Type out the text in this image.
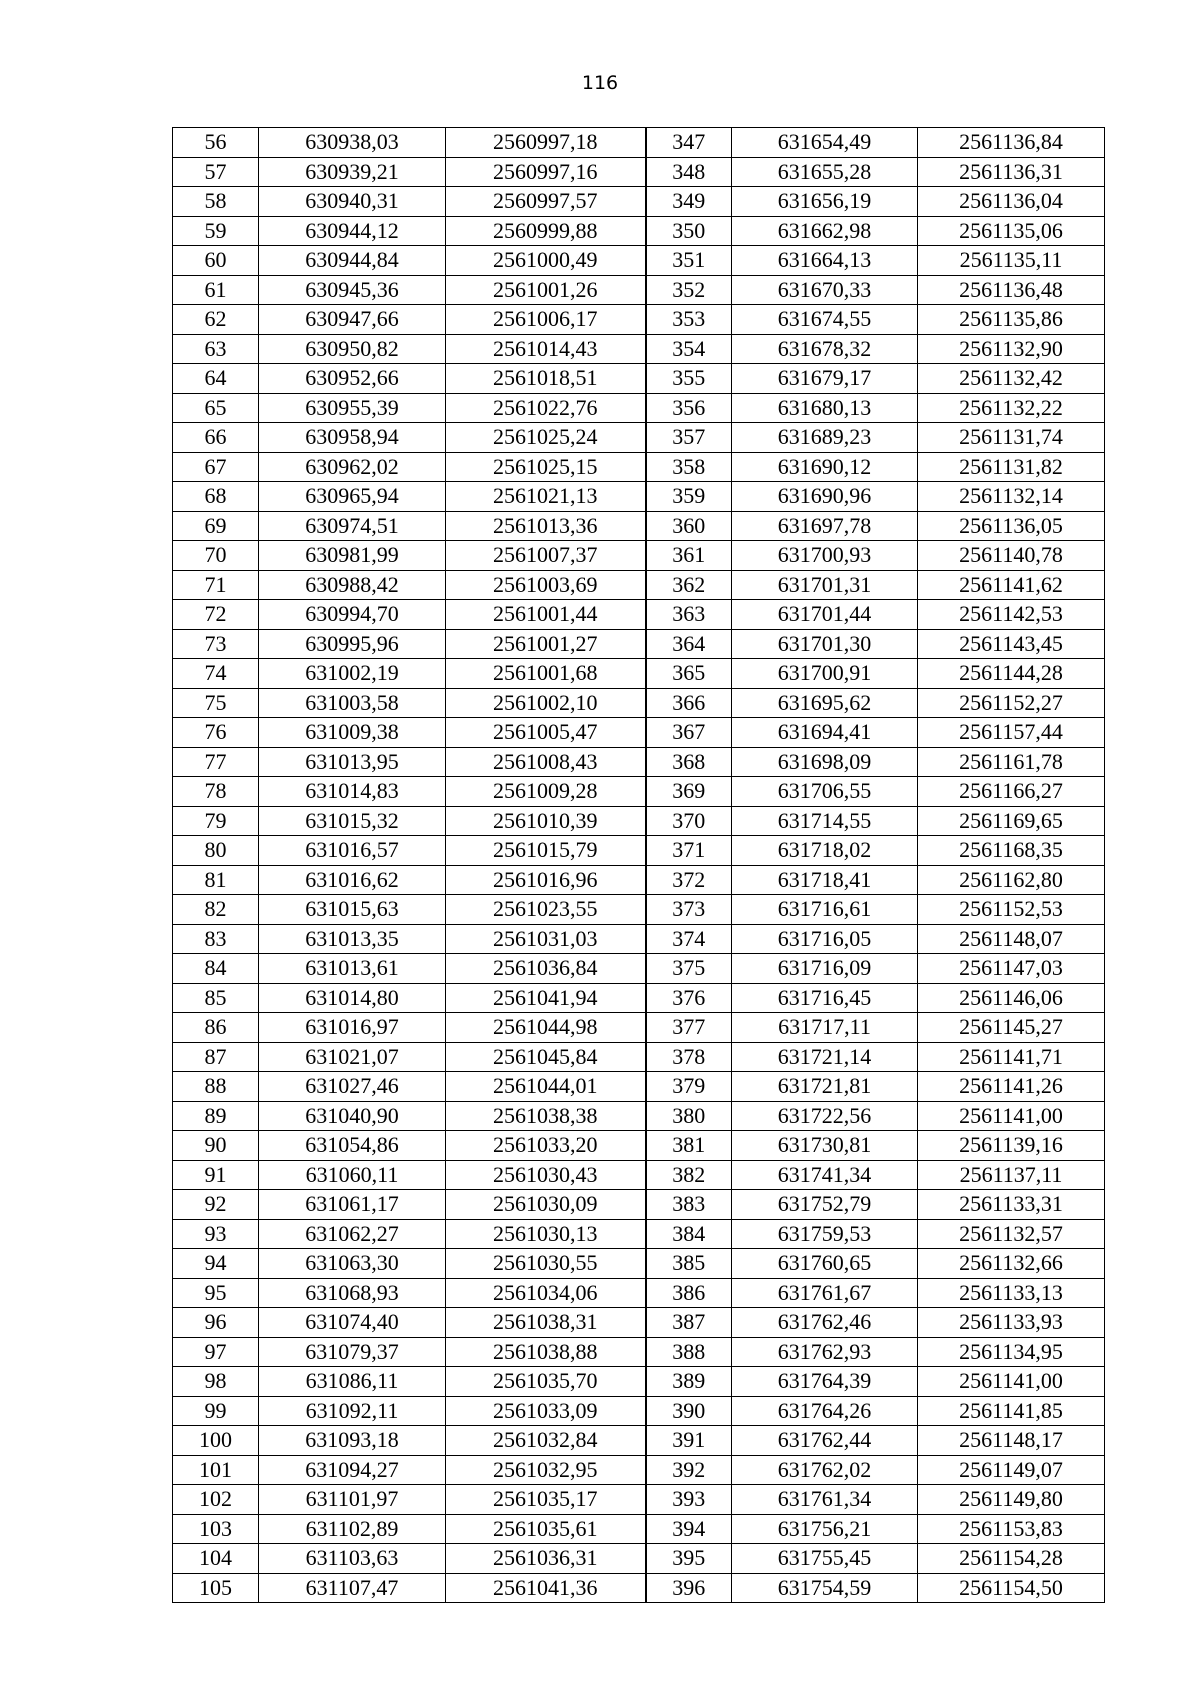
116
56	630938,03	2560997,18	347	631654,49	2561136,84
57	630939,21	2560997,16	348	631655,28	2561136,31
58	630940,31	2560997,57	349	631656,19	2561136,04
59	630944,12	2560999,88	350	631662,98	2561135,06
60	630944,84	2561000,49	351	631664,13	2561135,11
61	630945,36	2561001,26	352	631670,33	2561136,48
62	630947,66	2561006,17	353	631674,55	2561135,86
63	630950,82	2561014,43	354	631678,32	2561132,90
64	630952,66	2561018,51	355	631679,17	2561132,42
65	630955,39	2561022,76	356	631680,13	2561132,22
66	630958,94	2561025,24	357	631689,23	2561131,74
67	630962,02	2561025,15	358	631690,12	2561131,82
68	630965,94	2561021,13	359	631690,96	2561132,14
69	630974,51	2561013,36	360	631697,78	2561136,05
70	630981,99	2561007,37	361	631700,93	2561140,78
71	630988,42	2561003,69	362	631701,31	2561141,62
72	630994,70	2561001,44	363	631701,44	2561142,53
73	630995,96	2561001,27	364	631701,30	2561143,45
74	631002,19	2561001,68	365	631700,91	2561144,28
75	631003,58	2561002,10	366	631695,62	2561152,27
76	631009,38	2561005,47	367	631694,41	2561157,44
77	631013,95	2561008,43	368	631698,09	2561161,78
78	631014,83	2561009,28	369	631706,55	2561166,27
79	631015,32	2561010,39	370	631714,55	2561169,65
80	631016,57	2561015,79	371	631718,02	2561168,35
81	631016,62	2561016,96	372	631718,41	2561162,80
82	631015,63	2561023,55	373	631716,61	2561152,53
83	631013,35	2561031,03	374	631716,05	2561148,07
84	631013,61	2561036,84	375	631716,09	2561147,03
85	631014,80	2561041,94	376	631716,45	2561146,06
86	631016,97	2561044,98	377	631717,11	2561145,27
87	631021,07	2561045,84	378	631721,14	2561141,71
88	631027,46	2561044,01	379	631721,81	2561141,26
89	631040,90	2561038,38	380	631722,56	2561141,00
90	631054,86	2561033,20	381	631730,81	2561139,16
91	631060,11	2561030,43	382	631741,34	2561137,11
92	631061,17	2561030,09	383	631752,79	2561133,31
93	631062,27	2561030,13	384	631759,53	2561132,57
94	631063,30	2561030,55	385	631760,65	2561132,66
95	631068,93	2561034,06	386	631761,67	2561133,13
96	631074,40	2561038,31	387	631762,46	2561133,93
97	631079,37	2561038,88	388	631762,93	2561134,95
98	631086,11	2561035,70	389	631764,39	2561141,00
99	631092,11	2561033,09	390	631764,26	2561141,85
100	631093,18	2561032,84	391	631762,44	2561148,17
101	631094,27	2561032,95	392	631762,02	2561149,07
102	631101,97	2561035,17	393	631761,34	2561149,80
103	631102,89	2561035,61	394	631756,21	2561153,83
104	631103,63	2561036,31	395	631755,45	2561154,28
105	631107,47	2561041,36	396	631754,59	2561154,50
